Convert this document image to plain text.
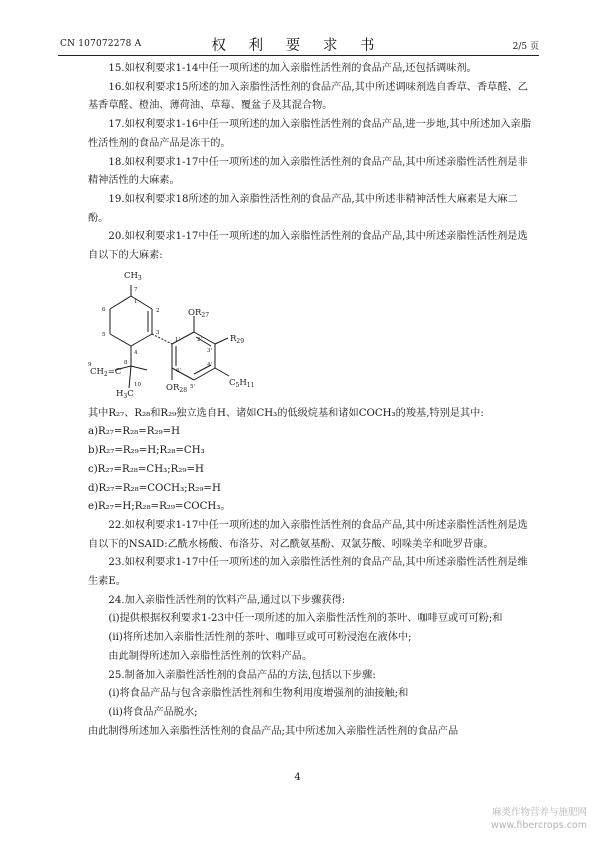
CN 107072278 A	权 利 要 求 书	2/5 页

15.如权利要求1-14中任一项所述的加入亲脂性活性剂的食品产品,还包括调味剂。

16.如权利要求15所述的加入亲脂性活性剂的食品产品,其中所述调味剂选自香草、香草醛、乙基香草醛、橙油、薄荷油、草莓、覆盆子及其混合物。

17.如权利要求1-16中任一项所述的加入亲脂性活性剂的食品产品,进一步地,其中所述加入亲脂性活性剂的食品产品是冻干的。

18.如权利要求1-17中任一项所述的加入亲脂性活性剂的食品产品,其中所述亲脂性活性剂是非精神活性的大麻素。

19.如权利要求18所述的加入亲脂性活性剂的食品产品,其中所述非精神活性大麻素是大麻二酚。

20.如权利要求1-17中任一项所述的加入亲脂性活性剂的食品产品,其中所述亲脂性活性剂是选自以下的大麻素:

$CH_3$
$OR_{27}$
$R_{29}$
$OR_{28}$
$C_5H_{11}$
$CH_2=C$
$H_3C$
7
1
2
3
4
5
6
8
9
10
1'	2'
3'
4'
5'
6'

其中R₂₇、R₂₈和R₂₉独立选自H、诸如CH₃的低级烷基和诸如COCH₃的羧基,特别是其中:

a)R₂₇=R₂₈=R₂₉=H

b)R₂₇=R₂₉=H;R₂₈=CH₃

c)R₂₇=R₂₈=CH₃;R₂₉=H

d)R₂₇=R₂₈=COCH₃;R₂₉=H

e)R₂₇=H;R₂₈=R₂₉=COCH₃。

22.如权利要求1-17中任一项所述的加入亲脂性活性剂的食品产品,其中所述亲脂性活性剂是选自以下的NSAID:乙酰水杨酸、布洛芬、对乙酰氨基酚、双氯芬酸、吲哚美辛和吡罗昔康。

23.如权利要求1-17中任一项所述的加入亲脂性活性剂的食品产品,其中所述亲脂性活性剂是维生素E。

24.加入亲脂性活性剂的饮料产品,通过以下步骤获得:

(i)提供根据权利要求1-23中任一项所述的加入亲脂性活性剂的茶叶、咖啡豆或可可粉;和

(ii)将所述加入亲脂性活性剂的茶叶、咖啡豆或可可粉浸泡在液体中;

由此制得所述加入亲脂性活性剂的饮料产品。

25.制备加入亲脂性活性剂的食品产品的方法,包括以下步骤:

(i)将食品产品与包含亲脂性活性剂和生物利用度增强剂的油接触;和

(ii)将食品产品脱水;

由此制得所述加入亲脂性活性剂的食品产品;其中所述加入亲脂性活性剂的食品产品

4
麻类作物营养与施肥网
www.fibercrops.com
